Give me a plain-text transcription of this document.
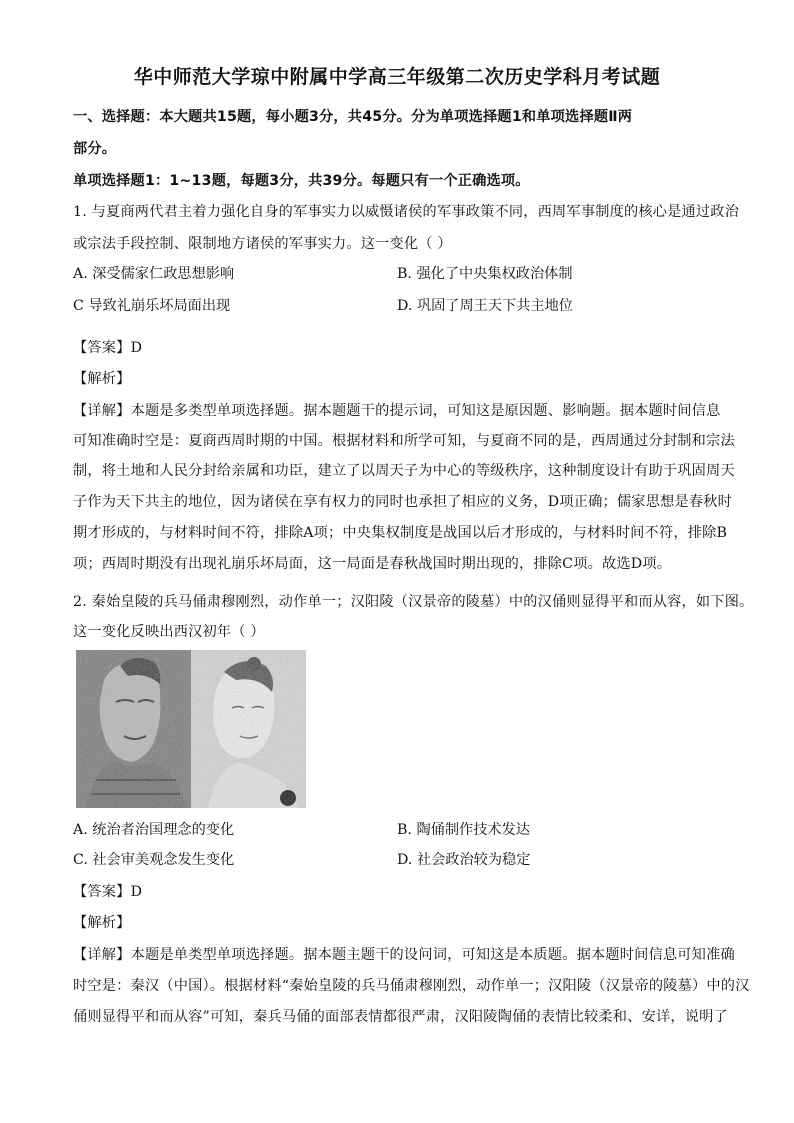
华中师范大学琼中附属中学高三年级第二次历史学科月考试题
一、选择题：本大题共15题，每小题3分，共45分。分为单项选择题1和单项选择题Ⅱ两
部分。
单项选择题1：1~13题，每题3分，共39分。每题只有一个正确选项。
1. 与夏商两代君主着力强化自身的军事实力以威慑诸侯的军事政策不同，西周军事制度的核心是通过政治
或宗法手段控制、限制地方诸侯的军事实力。这一变化（ ）
A. 深受儒家仁政思想影响	B. 强化了中央集权政治体制
C 导致礼崩乐坏局面出现	D. 巩固了周王天下共主地位
【答案】D
【解析】
【详解】本题是多类型单项选择题。据本题题干的提示词，可知这是原因题、影响题。据本题时间信息
可知准确时空是：夏商西周时期的中国。根据材料和所学可知，与夏商不同的是，西周通过分封制和宗法
制，将土地和人民分封给亲属和功臣，建立了以周天子为中心的等级秩序，这种制度设计有助于巩固周天
子作为天下共主的地位，因为诸侯在享有权力的同时也承担了相应的义务，D项正确；儒家思想是春秋时
期才形成的，与材料时间不符，排除A项；中央集权制度是战国以后才形成的，与材料时间不符，排除B
项；西周时期没有出现礼崩乐坏局面，这一局面是春秋战国时期出现的，排除C项。故选D项。
2. 秦始皇陵的兵马俑肃穆刚烈，动作单一；汉阳陵（汉景帝的陵墓）中的汉俑则显得平和而从容，如下图。
这一变化反映出西汉初年（ ）
A. 统治者治国理念的变化	B. 陶俑制作技术发达
C. 社会审美观念发生变化	D. 社会政治较为稳定
【答案】D
【解析】
【详解】本题是单类型单项选择题。据本题主题干的设问词，可知这是本质题。据本题时间信息可知准确
时空是：秦汉（中国）。根据材料“秦始皇陵的兵马俑肃穆刚烈，动作单一；汉阳陵（汉景帝的陵墓）中的汉
俑则显得平和而从容”可知，秦兵马俑的面部表情都很严肃，汉阳陵陶俑的表情比较柔和、安详，说明了
